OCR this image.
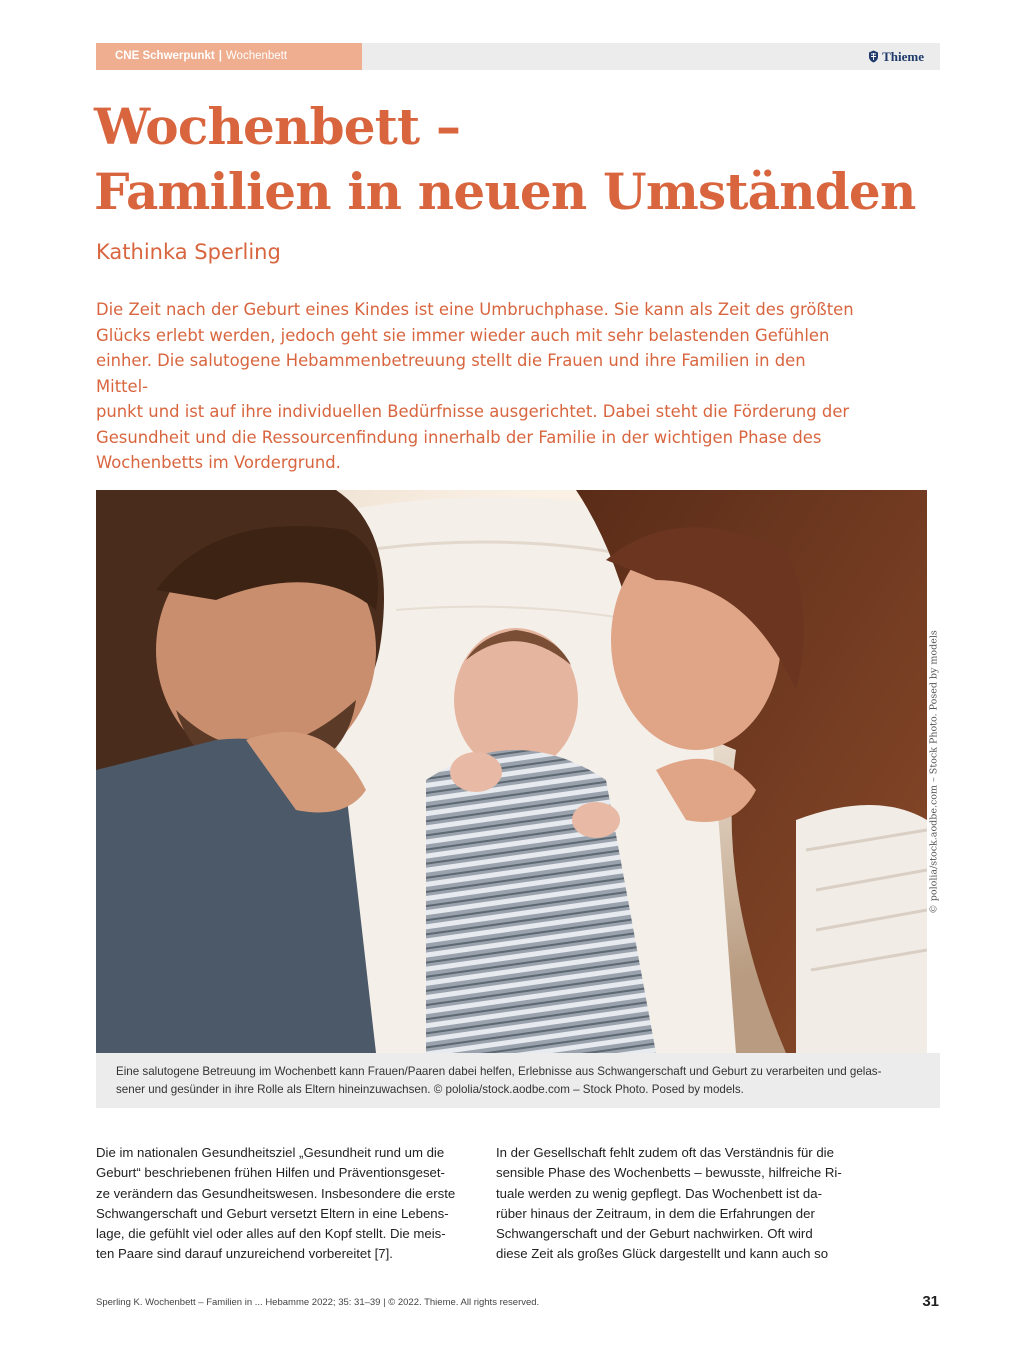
CNE Schwerpunkt | Wochenbett	Thieme
Wochenbett –
Familien in neuen Umständen
Kathinka Sperling
Die Zeit nach der Geburt eines Kindes ist eine Umbruchphase. Sie kann als Zeit des größten
Glücks erlebt werden, jedoch geht sie immer wieder auch mit sehr belastenden Gefühlen
einher. Die salutogene Hebammenbetreuung stellt die Frauen und ihre Familien in den Mittel-
punkt und ist auf ihre individuellen Bedürfnisse ausgerichtet. Dabei steht die Förderung der
Gesundheit und die Ressourcenfindung innerhalb der Familie in der wichtigen Phase des
Wochenbetts im Vordergrund.
© pololia/stock.aodbe.com – Stock Photo. Posed by models
Eine salutogene Betreuung im Wochenbett kann Frauen/Paaren dabei helfen, Erlebnisse aus Schwangerschaft und Geburt zu verarbeiten und gelas-
sener und gesünder in ihre Rolle als Eltern hineinzuwachsen. © pololia/stock.aodbe.com – Stock Photo. Posed by models.
Die im nationalen Gesundheitsziel „Gesundheit rund um die
Geburt“ beschriebenen frühen Hilfen und Präventionsgeset-
ze verändern das Gesundheitswesen. Insbesondere die erste
Schwangerschaft und Geburt versetzt Eltern in eine Lebens-
lage, die gefühlt viel oder alles auf den Kopf stellt. Die meis-
ten Paare sind darauf unzureichend vorbereitet [7].
In der Gesellschaft fehlt zudem oft das Verständnis für die
sensible Phase des Wochenbetts – bewusste, hilfreiche Ri-
tuale werden zu wenig gepflegt. Das Wochenbett ist da-
rüber hinaus der Zeitraum, in dem die Erfahrungen der
Schwangerschaft und der Geburt nachwirken. Oft wird
diese Zeit als großes Glück dargestellt und kann auch so
Sperling K. Wochenbett – Familien in ... Hebamme 2022; 35: 31–39 | © 2022. Thieme. All rights reserved.	31
